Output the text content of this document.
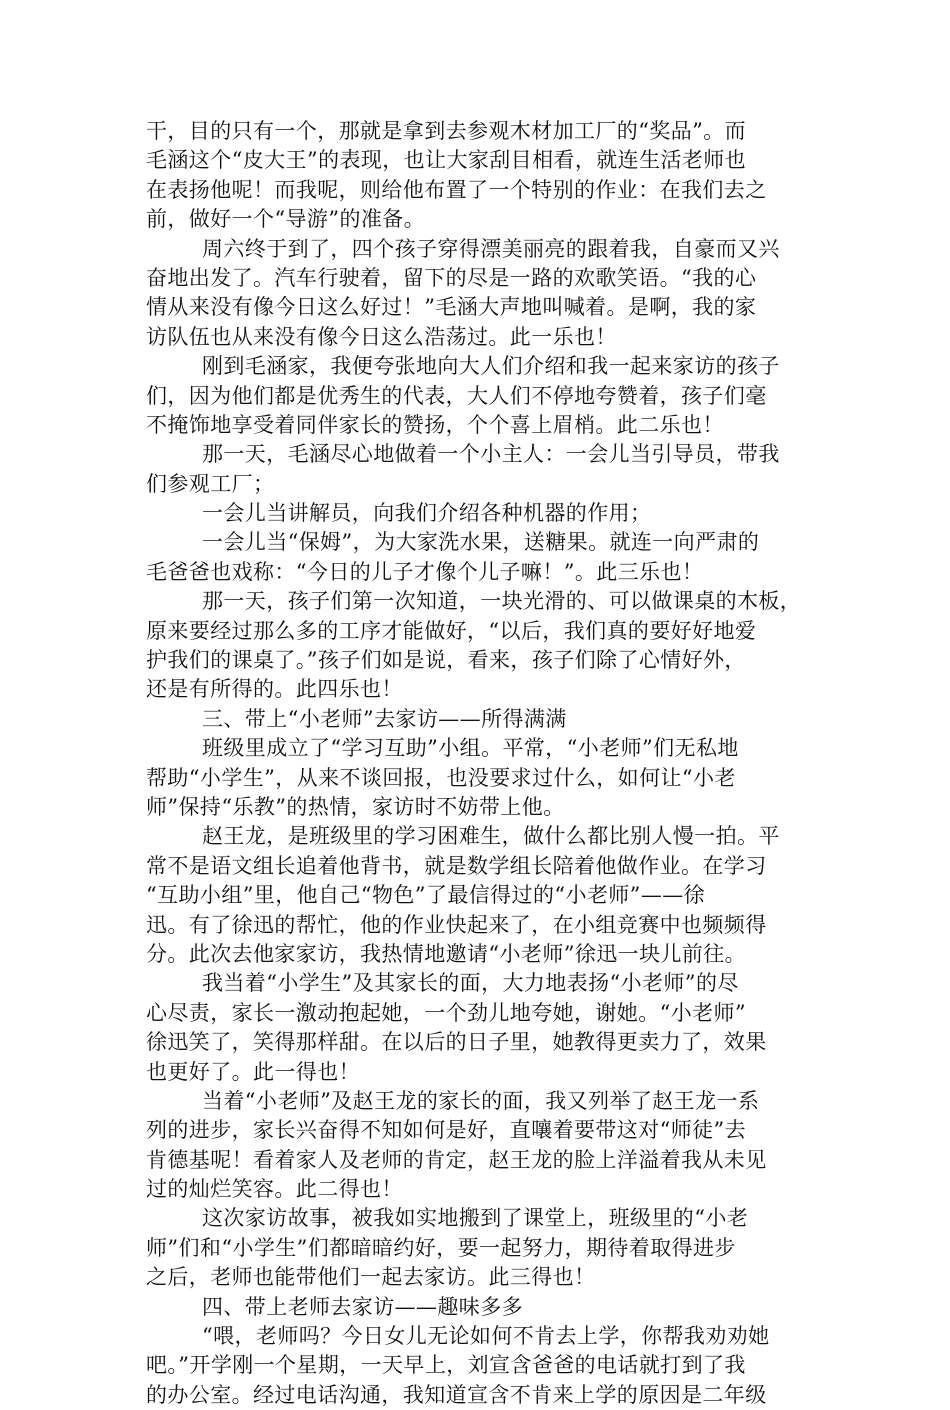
干，目的只有一个，那就是拿到去参观木材加工厂的“奖品”。而
毛涵这个“皮大王”的表现，也让大家刮目相看，就连生活老师也
在表扬他呢！而我呢，则给他布置了一个特别的作业：在我们去之
前，做好一个“导游”的准备。
周六终于到了，四个孩子穿得漂美丽亮的跟着我，自豪而又兴
奋地出发了。汽车行驶着，留下的尽是一路的欢歌笑语。“我的心
情从来没有像今日这么好过！”毛涵大声地叫喊着。是啊，我的家
访队伍也从来没有像今日这么浩荡过。此一乐也！
刚到毛涵家，我便夸张地向大人们介绍和我一起来家访的孩子
们，因为他们都是优秀生的代表，大人们不停地夸赞着，孩子们毫
不掩饰地享受着同伴家长的赞扬，个个喜上眉梢。此二乐也！
那一天，毛涵尽心地做着一个小主人：一会儿当引导员，带我
们参观工厂；
一会儿当讲解员，向我们介绍各种机器的作用；
一会儿当“保姆”，为大家洗水果，送糖果。就连一向严肃的
毛爸爸也戏称：“今日的儿子才像个儿子嘛！”。此三乐也！
那一天，孩子们第一次知道，一块光滑的、可以做课桌的木板，
原来要经过那么多的工序才能做好，“以后，我们真的要好好地爱
护我们的课桌了。”孩子们如是说，看来，孩子们除了心情好外，
还是有所得的。此四乐也！
三、带上“小老师”去家访——所得满满
班级里成立了“学习互助”小组。平常，“小老师”们无私地
帮助“小学生”，从来不谈回报，也没要求过什么，如何让“小老
师”保持“乐教”的热情，家访时不妨带上他。
赵王龙，是班级里的学习困难生，做什么都比别人慢一拍。平
常不是语文组长追着他背书，就是数学组长陪着他做作业。在学习
“互助小组”里，他自己“物色”了最信得过的“小老师”——徐
迅。有了徐迅的帮忙，他的作业快起来了，在小组竞赛中也频频得
分。此次去他家家访，我热情地邀请“小老师”徐迅一块儿前往。
我当着“小学生”及其家长的面，大力地表扬“小老师”的尽
心尽责，家长一激动抱起她，一个劲儿地夸她，谢她。“小老师”
徐迅笑了，笑得那样甜。在以后的日子里，她教得更卖力了，效果
也更好了。此一得也！
当着“小老师”及赵王龙的家长的面，我又列举了赵王龙一系
列的进步，家长兴奋得不知如何是好，直嚷着要带这对“师徒”去
肯德基呢！看着家人及老师的肯定，赵王龙的脸上洋溢着我从未见
过的灿烂笑容。此二得也！
这次家访故事，被我如实地搬到了课堂上，班级里的“小老
师”们和“小学生”们都暗暗约好，要一起努力，期待着取得进步
之后，老师也能带他们一起去家访。此三得也！
四、带上老师去家访——趣味多多
“喂，老师吗？今日女儿无论如何不肯去上学，你帮我劝劝她
吧。”开学刚一个星期，一天早上，刘宣含爸爸的电话就打到了我
的办公室。经过电话沟通，我知道宣含不肯来上学的原因是二年级
